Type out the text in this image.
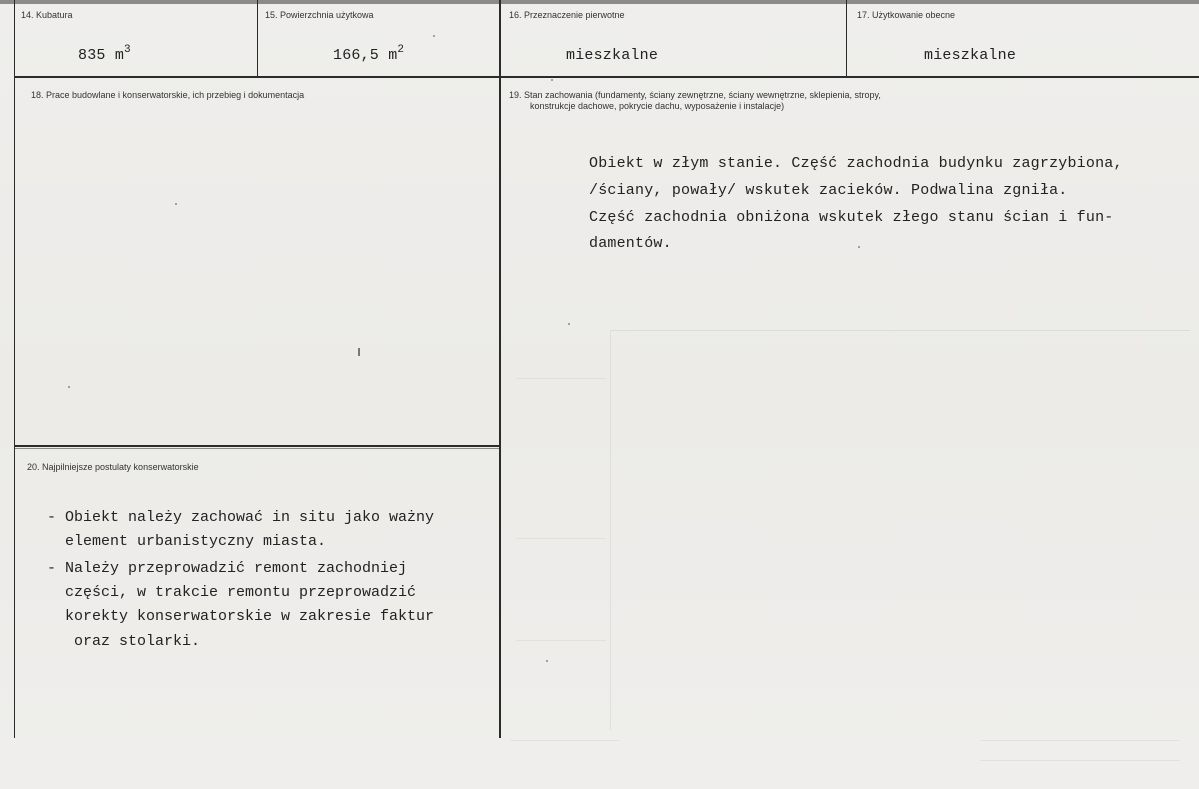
14. Kubatura
835 $m^3$
15. Powierzchnia użytkowa
166,5 $m^2$
16. Przeznaczenie pierwotne
mieszkalne
17. Użytkowanie obecne
mieszkalne
18. Prace budowlane i konserwatorskie, ich przebieg i dokumentacja	19. Stan zachowania (fundamenty, ściany zewnętrzne, ściany wewnętrzne, sklepienia, stropy,
konstrukcje dachowe, pokrycie dachu, wyposażenie i instalacje)
Obiekt w złym stanie. Część zachodnia budynku zagrzybiona,
/ściany, powały/ wskutek zacieków. Podwalina zgniła.
Część zachodnia obniżona wskutek złego stanu ścian i fun-
damentów.
20. Najpilniejsze postulaty konserwatorskie
- Obiekt należy zachować in situ jako ważny
element urbanistyczny miasta.
- Należy przeprowadzić remont zachodniej
części, w trakcie remontu przeprowadzić
korekty konserwatorskie w zakresie faktur
oraz stolarki.
